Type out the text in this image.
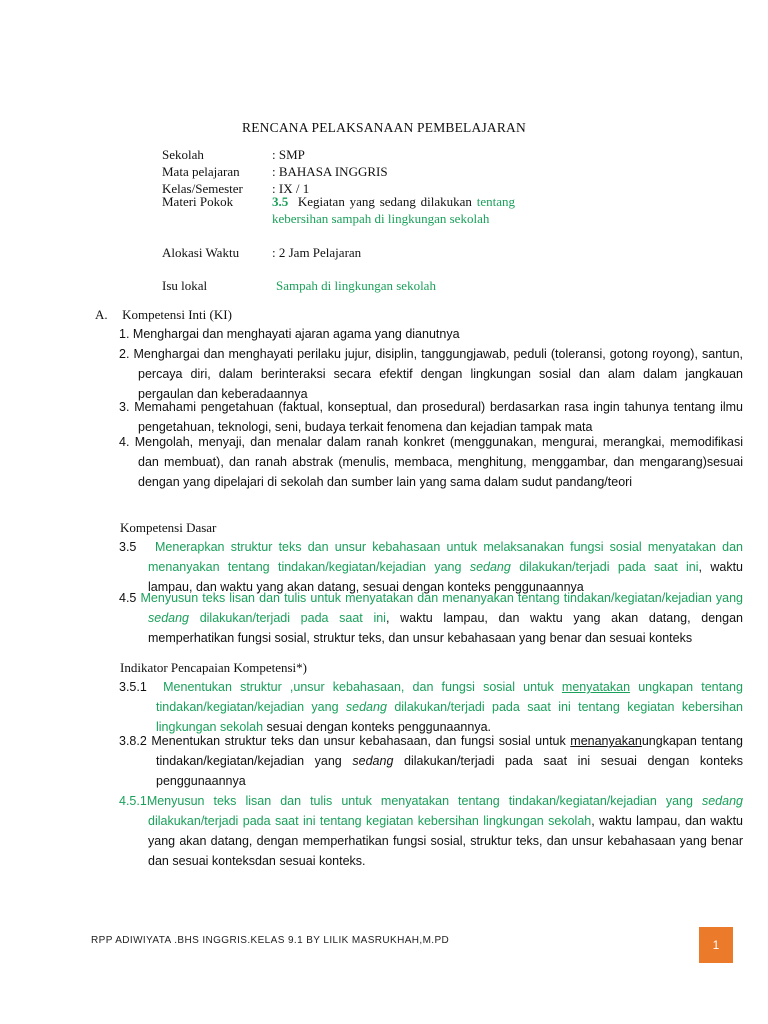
RENCANA PELAKSANAAN PEMBELAJARAN
Sekolah	: SMP
Mata pelajaran : BAHASA INGGRIS
Kelas/Semester : IX / 1
Materi Pokok	3.5 Kegiatan yang sedang dilakukan tentang kebersihan sampah di lingkungan sekolah
Alokasi Waktu	: 2 Jam Pelajaran
Isu lokal	Sampah di lingkungan sekolah
A. Kompetensi Inti (KI)
1. Menghargai dan menghayati ajaran agama yang dianutnya
2. Menghargai dan menghayati perilaku jujur, disiplin, tanggungjawab, peduli (toleransi, gotong royong), santun, percaya diri, dalam berinteraksi secara efektif dengan lingkungan sosial dan alam dalam jangkauan pergaulan dan keberadaannya
3. Memahami pengetahuan (faktual, konseptual, dan prosedural) berdasarkan rasa ingin tahunya tentang ilmu pengetahuan, teknologi, seni, budaya terkait fenomena dan kejadian tampak mata
4. Mengolah, menyaji, dan menalar dalam ranah konkret (menggunakan, mengurai, merangkai, memodifikasi dan membuat), dan ranah abstrak (menulis, membaca, menghitung, menggambar, dan mengarang)sesuai dengan yang dipelajari di sekolah dan sumber lain yang sama dalam sudut pandang/teori
Kompetensi Dasar
3.5 Menerapkan struktur teks dan unsur kebahasaan untuk melaksanakan fungsi sosial menyatakan dan menanyakan tentang tindakan/kegiatan/kejadian yang sedang dilakukan/terjadi pada saat ini, waktu lampau, dan waktu yang akan datang, sesuai dengan konteks penggunaannya
4.5 Menyusun teks lisan dan tulis untuk menyatakan dan menanyakan tentang tindakan/kegiatan/kejadian yang sedang dilakukan/terjadi pada saat ini, waktu lampau, dan waktu yang akan datang, dengan memperhatikan fungsi sosial, struktur teks, dan unsur kebahasaan yang benar dan sesuai konteks
Indikator Pencapaian Kompetensi*)
3.5.1 Menentukan struktur ,unsur kebahasaan, dan fungsi sosial untuk menyatakan ungkapan tentang tindakan/kegiatan/kejadian yang sedang dilakukan/terjadi pada saat ini tentang kegiatan kebersihan lingkungan sekolah sesuai dengan konteks penggunaannya.
3.8.2 Menentukan struktur teks dan unsur kebahasaan, dan fungsi sosial untuk menanyakanungkapan tentang tindakan/kegiatan/kejadian yang sedang dilakukan/terjadi pada saat ini sesuai dengan konteks penggunaannya
4.5.1Menyusun teks lisan dan tulis untuk menyatakan tentang tindakan/kegiatan/kejadian yang sedang dilakukan/terjadi pada saat ini tentang kegiatan kebersihan lingkungan sekolah, waktu lampau, dan waktu yang akan datang, dengan memperhatikan fungsi sosial, struktur teks, dan unsur kebahasaan yang benar dan sesuai konteksdan sesuai konteks.
RPP ADIWIYATA .BHS INGGRIS.KELAS 9.1 BY LILIK MASRUKHAH,M.PD	1
